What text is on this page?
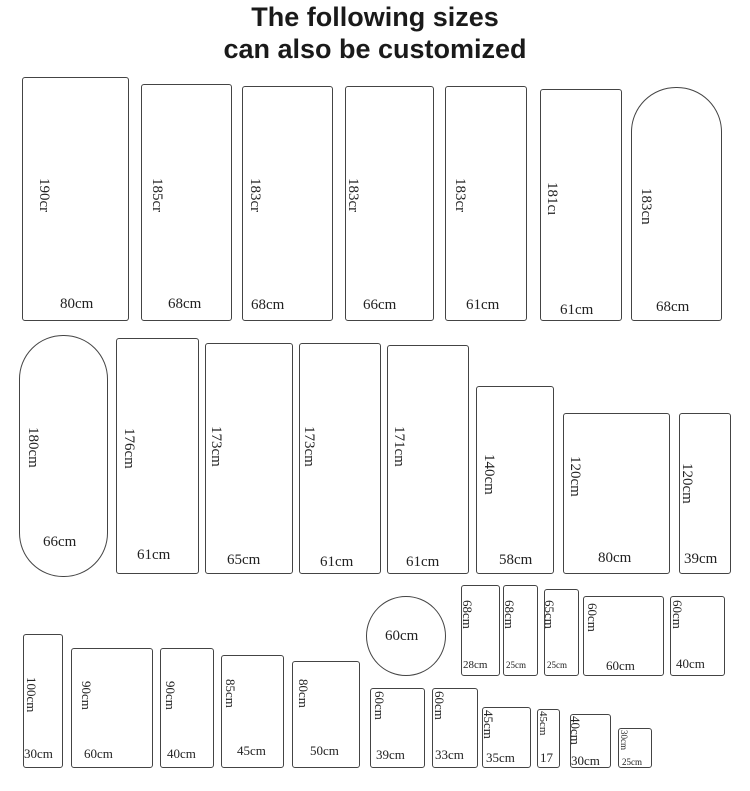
The following sizes
can also be customized
190cr
80cm
185cr
68cm
183cr
68cm
183cr
66cm
183cr
61cm
181cı
61cm
183cn
68cm
180cm
66cm
176cm
61cm
173cm
65cm
173cm
61cm
171cm
61cm
140cm
58cm
120cm
80cm
120cm
39cm
60cm
68cm
28cm
68cm
25cm
65cm
25cm
60cm
60cm
60cm
40cm
100cm
30cm
90cm
60cm
90cm
40cm
85cm
45cm
80cm
50cm
60cm
39cm
60cm
33cm
45cm
35cm
45cm
17
40cm
30cm
30cm
25cm
